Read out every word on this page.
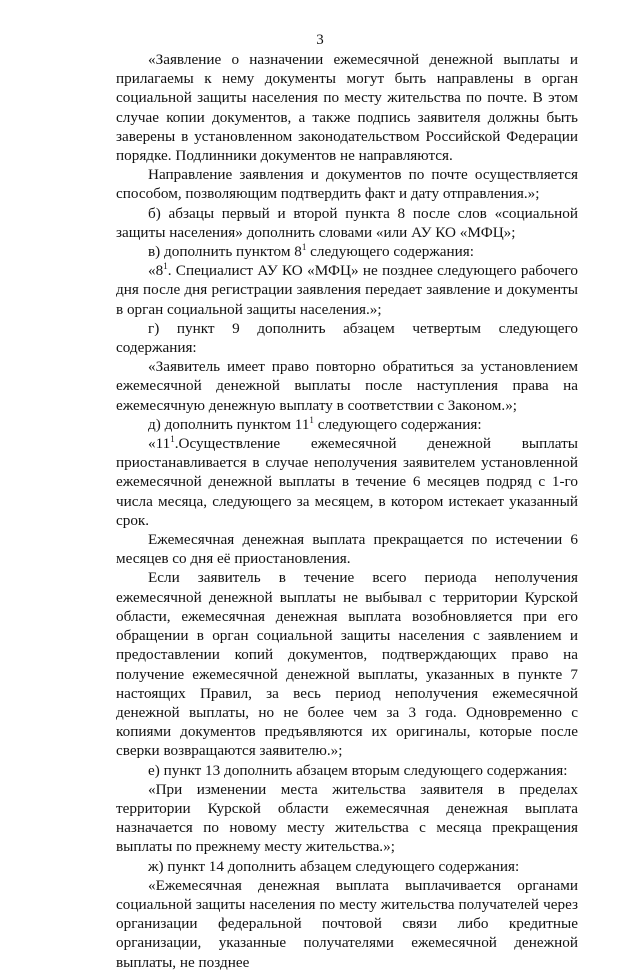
3

«Заявление о назначении ежемесячной денежной выплаты и прилагаемы к нему документы могут быть направлены в орган социальной защиты населения по месту жительства по почте. В этом случае копии документов, а также подпись заявителя должны быть заверены в установленном законодательством Российской Федерации порядке. Подлинники документов не направляются.

Направление заявления и документов по почте осуществляется способом, позволяющим подтвердить факт и дату отправления.»;

б) абзацы первый и второй пункта 8 после слов «социальной защиты населения» дополнить словами «или АУ КО «МФЦ»;

в) дополнить пунктом $8^1$ следующего содержания:

«$8^1$. Специалист АУ КО «МФЦ» не позднее следующего рабочего дня после дня регистрации заявления передает заявление и документы в орган социальной защиты населения.»;

г) пункт 9 дополнить абзацем четвертым следующего содержания:

«Заявитель имеет право повторно обратиться за установлением ежемесячной денежной выплаты после наступления права на ежемесячную денежную выплату в соответствии с Законом.»;

д) дополнить пунктом $11^1$ следующего содержания:

«$11^1.Осуществление$ ежемесячной денежной выплаты приостанавливается в случае неполучения заявителем установленной ежемесячной денежной выплаты в течение 6 месяцев подряд с 1-го числа месяца, следующего за месяцем, в котором истекает указанный срок.

Ежемесячная денежная выплата прекращается по истечении 6 месяцев со дня её приостановления.

Если заявитель в течение всего периода неполучения ежемесячной денежной выплаты не выбывал с территории Курской области, ежемесячная денежная выплата возобновляется при его обращении в орган социальной защиты населения с заявлением и предоставлении копий документов, подтверждающих право на получение ежемесячной денежной выплаты, указанных в пункте 7 настоящих Правил, за весь период неполучения ежемесячной денежной выплаты, но не более чем за 3 года. Одновременно с копиями документов предъявляются их оригиналы, которые после сверки возвращаются заявителю.»;

е) пункт 13 дополнить абзацем вторым следующего содержания:

«При изменении места жительства заявителя в пределах территории Курской области ежемесячная денежная выплата назначается по новому месту жительства с месяца прекращения выплаты по прежнему месту жительства.»;

ж) пункт 14 дополнить абзацем следующего содержания:

«Ежемесячная денежная выплата выплачивается органами социальной защиты населения по месту жительства получателей через организации федеральной почтовой связи либо кредитные организации, указанные получателями ежемесячной денежной выплаты, не позднее
